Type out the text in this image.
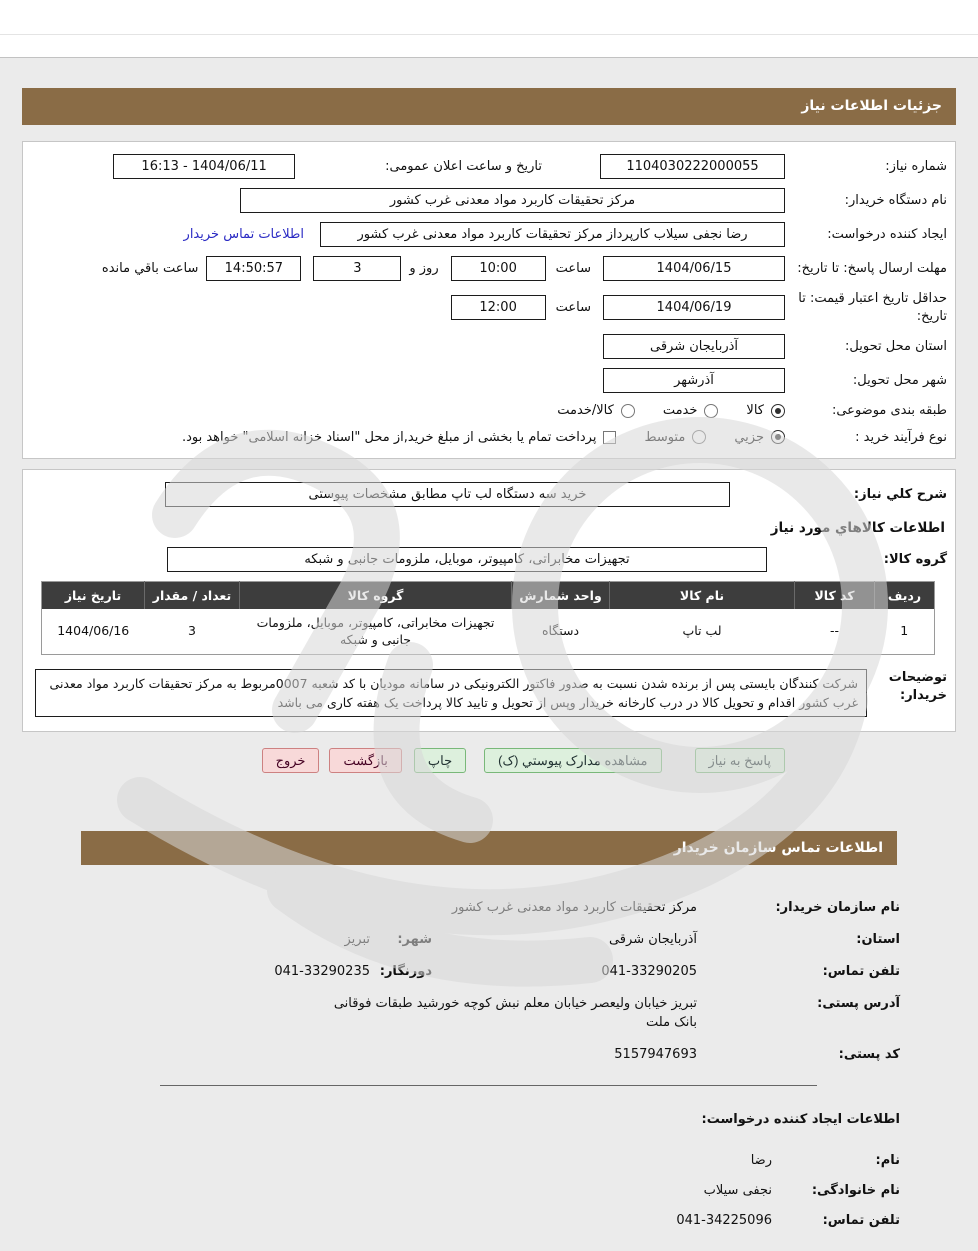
جزئیات اطلاعات نیاز
شماره نیاز:
1104030222000055
تاریخ و ساعت اعلان عمومی:
16:13 - 1404/06/11
نام دستگاه خریدار:
مرکز تحقیقات کاربرد مواد معدنی غرب کشور
ایجاد کننده درخواست:
رضا نجفی سیلاب کارپرداز مرکز تحقیقات کاربرد مواد معدنی غرب کشور
اطلاعات تماس خریدار
مهلت ارسال پاسخ: تا تاریخ:
1404/06/15
ساعت
10:00
روز و
3
14:50:57
ساعت باقي مانده
حداقل تاریخ اعتبار قیمت: تا تاریخ:
1404/06/19
ساعت
12:00
استان محل تحویل:
آذربایجان شرقی
شهر محل تحویل:
آذرشهر
طبقه بندی موضوعی:
کالا
خدمت
کالا/خدمت
نوع فرآیند خرید :
جزيي
متوسط
پرداخت تمام یا بخشی از مبلغ خرید,از محل "اسناد خزانه اسلامی" خواهد بود.
شرح كلي نياز:
خرید سه دستگاه لب تاپ مطابق مشخصات پیوستی
اطلاعات کالاهاي مورد نياز
گروه کالا:
تجهیزات مخابراتی، کامپیوتر، موبایل، ملزومات جانبی و شبکه
ردیف	کد کالا	نام کالا	واحد شمارش	گروه کالا	تعداد / مقدار	تاریخ نیاز
1	--	لب تاپ	دستگاه	تجهیزات مخابراتی، کامپیوتر، موبایل، ملزومات جانبی و شبکه	3	1404/06/16
توضیحات خریدار:
شرکت کنندگان بایستی پس از برنده شدن نسبت به صدور فاکتور الکترونیکی در سامانه مودیان با کد شعبه 0007مربوط به مرکز تحقیقات کاربرد مواد معدنی غرب کشور اقدام و تحویل کالا در درب کارخانه خریدار وپس از تحویل و تایید کالا پرداخت یک هفته کاری می باشد
پاسخ به نیاز
مشاهده مدارک پیوستي (ک)
چاپ
بازگشت
خروج
اطلاعات تماس سازمان خریدار
نام سازمان خریدار:
مرکز تحقیقات کاربرد مواد معدنی غرب کشور
استان:
آذربایجان شرقی
شهر:
تبریز
تلفن تماس:
041-33290205
دورنگار:
041-33290235
آدرس پستی:
تبریز خیابان ولیعصر خیابان معلم نبش کوچه خورشید طبقات فوقانی بانک ملت
کد پستی:
5157947693
اطلاعات ایجاد کننده درخواست:
نام:
رضا
نام خانوادگی:
نجفی سیلاب
تلفن تماس:
041-34225096
